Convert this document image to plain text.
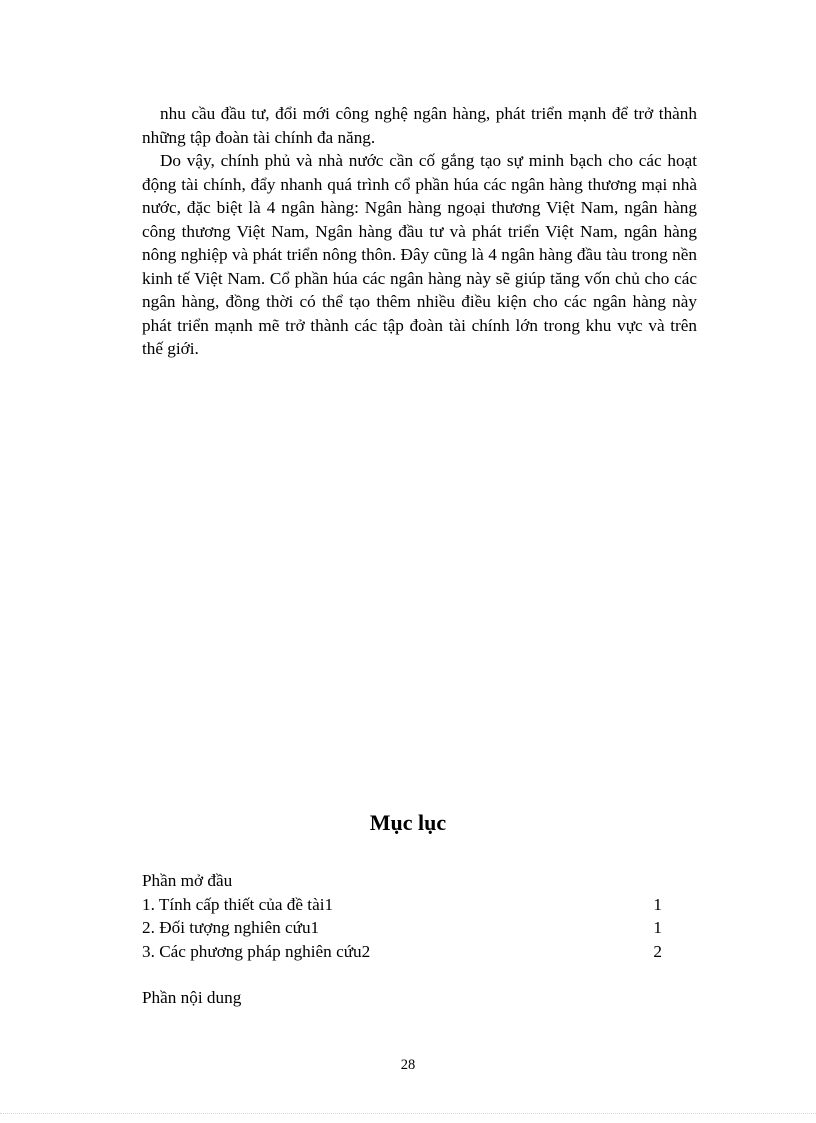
nhu cầu đầu tư, đổi mới công nghệ ngân hàng, phát triển mạnh để trở thành những tập đoàn tài chính đa năng.

Do vậy, chính phủ và nhà nước cần cố gắng tạo sự minh bạch cho các hoạt động tài chính, đẩy nhanh quá trình cổ phần húa các ngân hàng thương mại nhà nước, đặc biệt là 4 ngân hàng: Ngân hàng ngoại thương Việt Nam, ngân hàng công thương Việt Nam, Ngân hàng đầu tư và phát triển Việt Nam, ngân hàng nông nghiệp và phát triển nông thôn. Đây cũng là 4 ngân hàng đầu tàu trong nền kinh tế Việt Nam. Cổ phần húa các ngân hàng này sẽ giúp tăng vốn chủ cho các ngân hàng, đồng thời có thể tạo thêm nhiều điều kiện cho các ngân hàng này phát triển mạnh mẽ trở thành các tập đoàn tài chính lớn trong khu vực và trên thế giới.

Mục lục

Phần mở đầu

1. Tính cấp thiết của đề tài1	1
2. Đối tượng nghiên cứu1	1
3. Các phương pháp nghiên cứu2	2

Phần nội dung

28
